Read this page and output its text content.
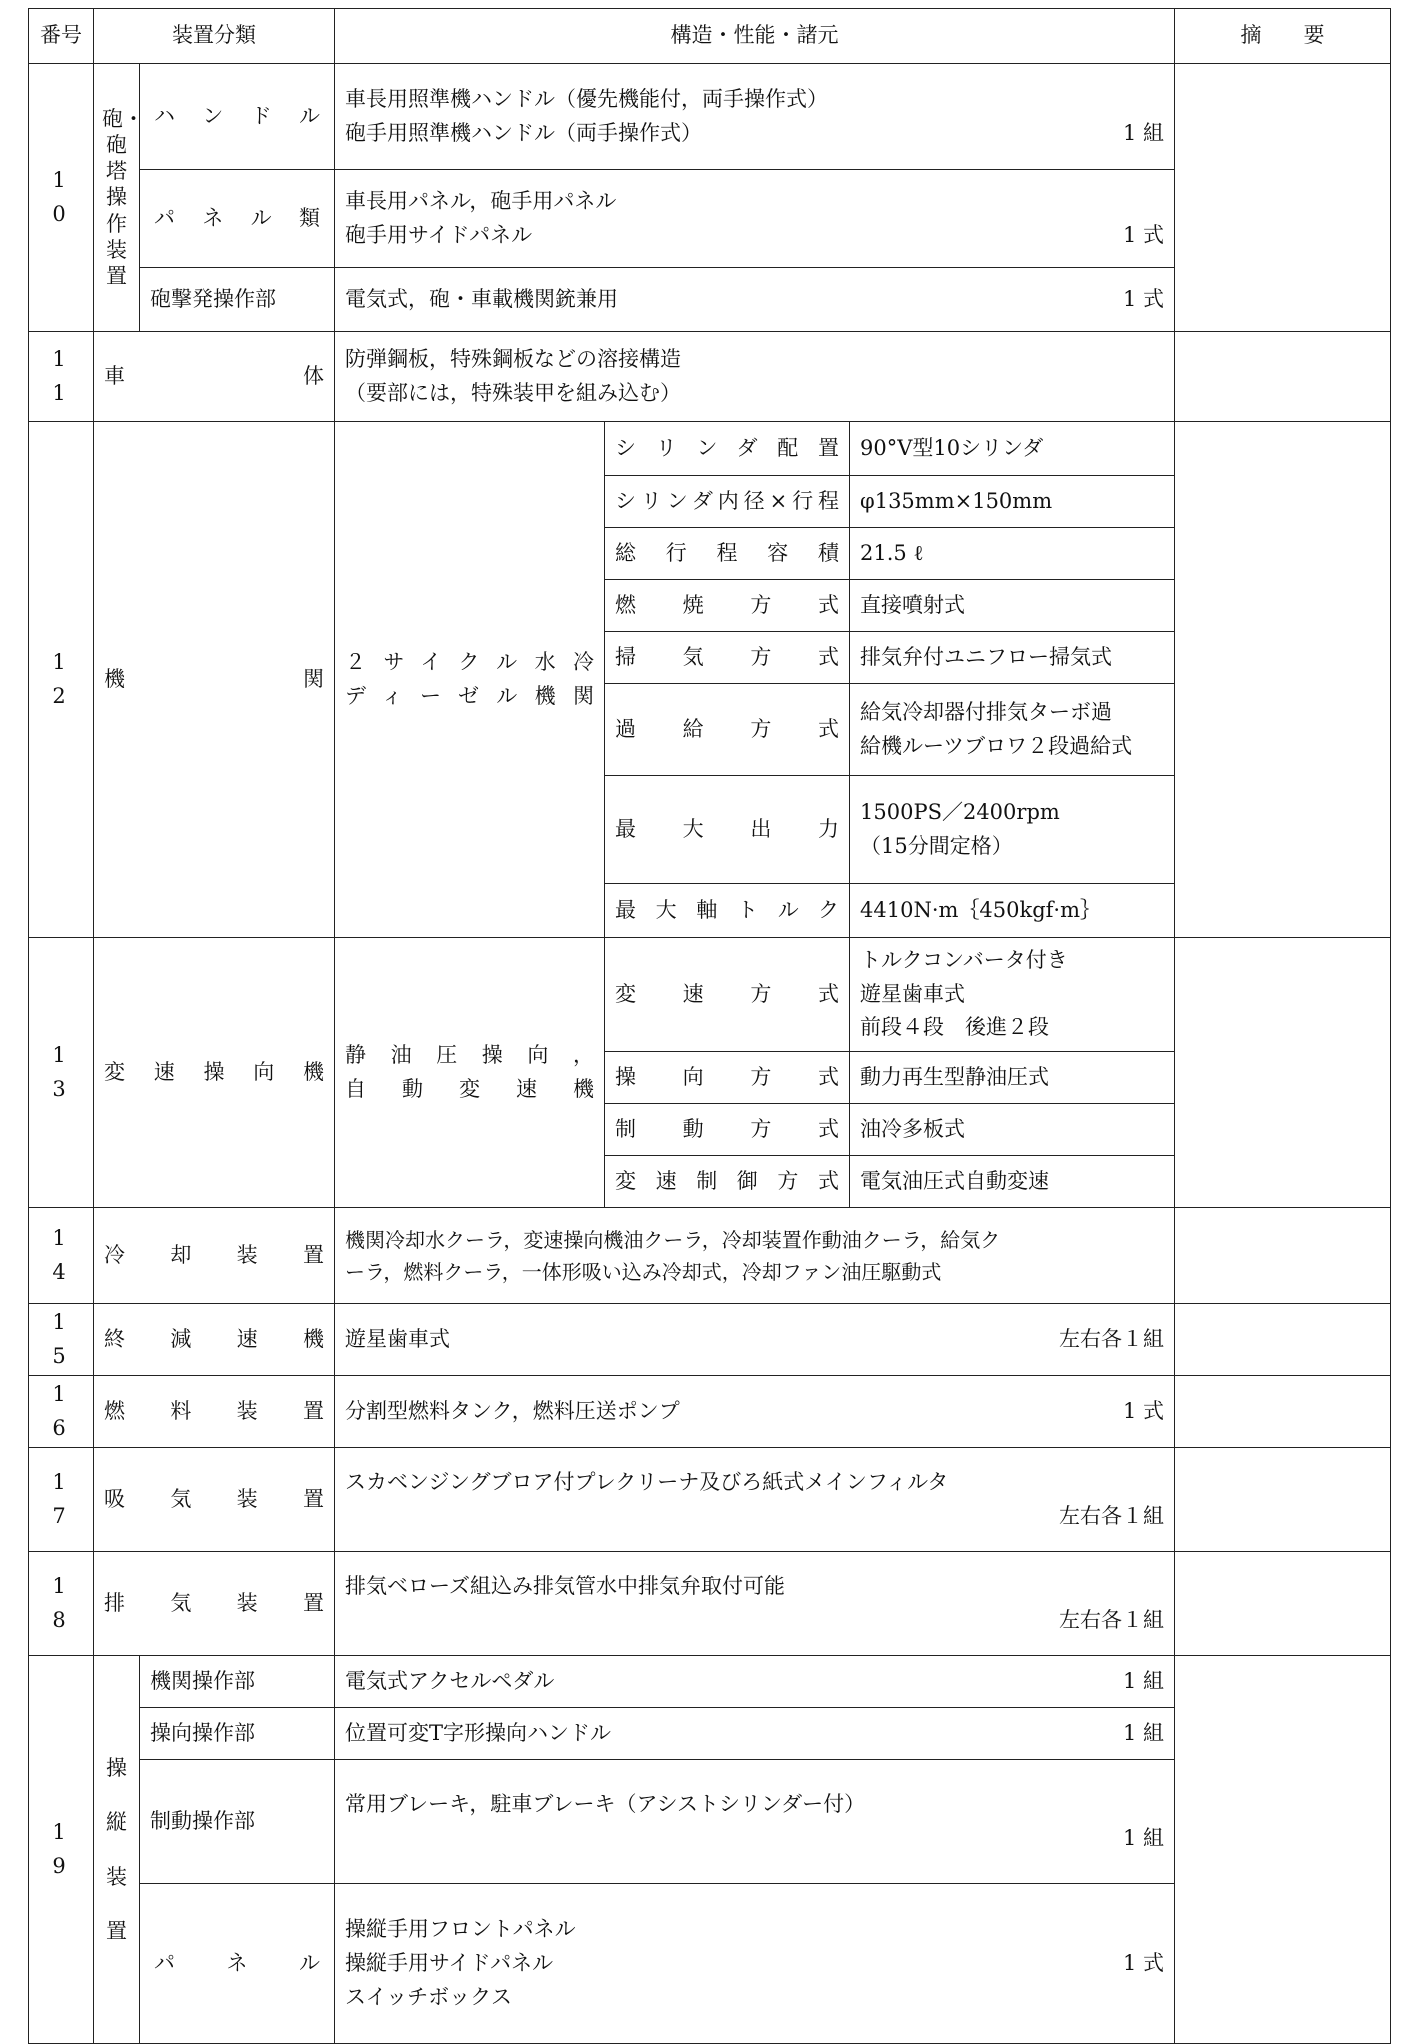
番号	装置分類		構造・性能・諸元			摘　　要
1 0	砲・砲塔操作装置	ハンドル	車長用照準機ハンドル（優先機能付，両手操作式）
砲手用照準機ハンドル（両手操作式） 1 組			

		パネル類	車長用パネル，砲手用パネル
砲手用サイドパネル 1 式			

		砲撃発操作部	電気式，砲・車載機関銃兼用 1 式			

1 1	車体		防弾鋼板，特殊鋼板などの溶接構造
（要部には，特殊装甲を組み込む）			

1 2	機関		２サイクル水冷
ディーゼル機関	シリンダ配置	90°V型10シリンダ	
				シリンダ内径×行程	φ135mm×150mm	
				総行程容積	21.5 ℓ	
				燃焼方式	直接噴射式	
				掃気方式	排気弁付ユニフロー掃気式	
				過給方式	給気冷却器付排気ターボ過
給機ルーツブロワ２段過給式	

				最大出力	1500PS／2400rpm
（15分間定格）	

				最大軸トルク	4410N·m｛450kgf·m｝	
1 3	変速操向機		静油圧操向，
自動変速機	変速方式	トルクコンバータ付き
遊星歯車式
前段４段　後進２段	

				操向方式	動力再生型静油圧式	
				制動方式	油冷多板式	
				変速制御方式	電気油圧式自動変速	
1 4	冷却装置		機関冷却水クーラ，変速操向機油クーラ，冷却装置作動油クーラ，給気ク
ーラ，燃料クーラ，一体形吸い込み冷却式，冷却ファン油圧駆動式			

1 5	終減速機		遊星歯車式 左右各１組			

1 6	燃料装置		分割型燃料タンク，燃料圧送ポンプ 1 式			

1 7	吸気装置		スカベンジングブロア付プレクリーナ及びろ紙式メインフィルタ
左右各１組			

1 8	排気装置		排気ベローズ組込み排気管水中排気弁取付可能
左右各１組			

1 9	操縦装置	機関操作部	電気式アクセルペダル 1 組			

		操向操作部	位置可変T字形操向ハンドル 1 組			

		制動操作部	常用ブレーキ，駐車ブレーキ（アシストシリンダー付）
1 組			

		パネル	操縦手用フロントパネル
操縦手用サイドパネル 1 式
スイッチボックス			
